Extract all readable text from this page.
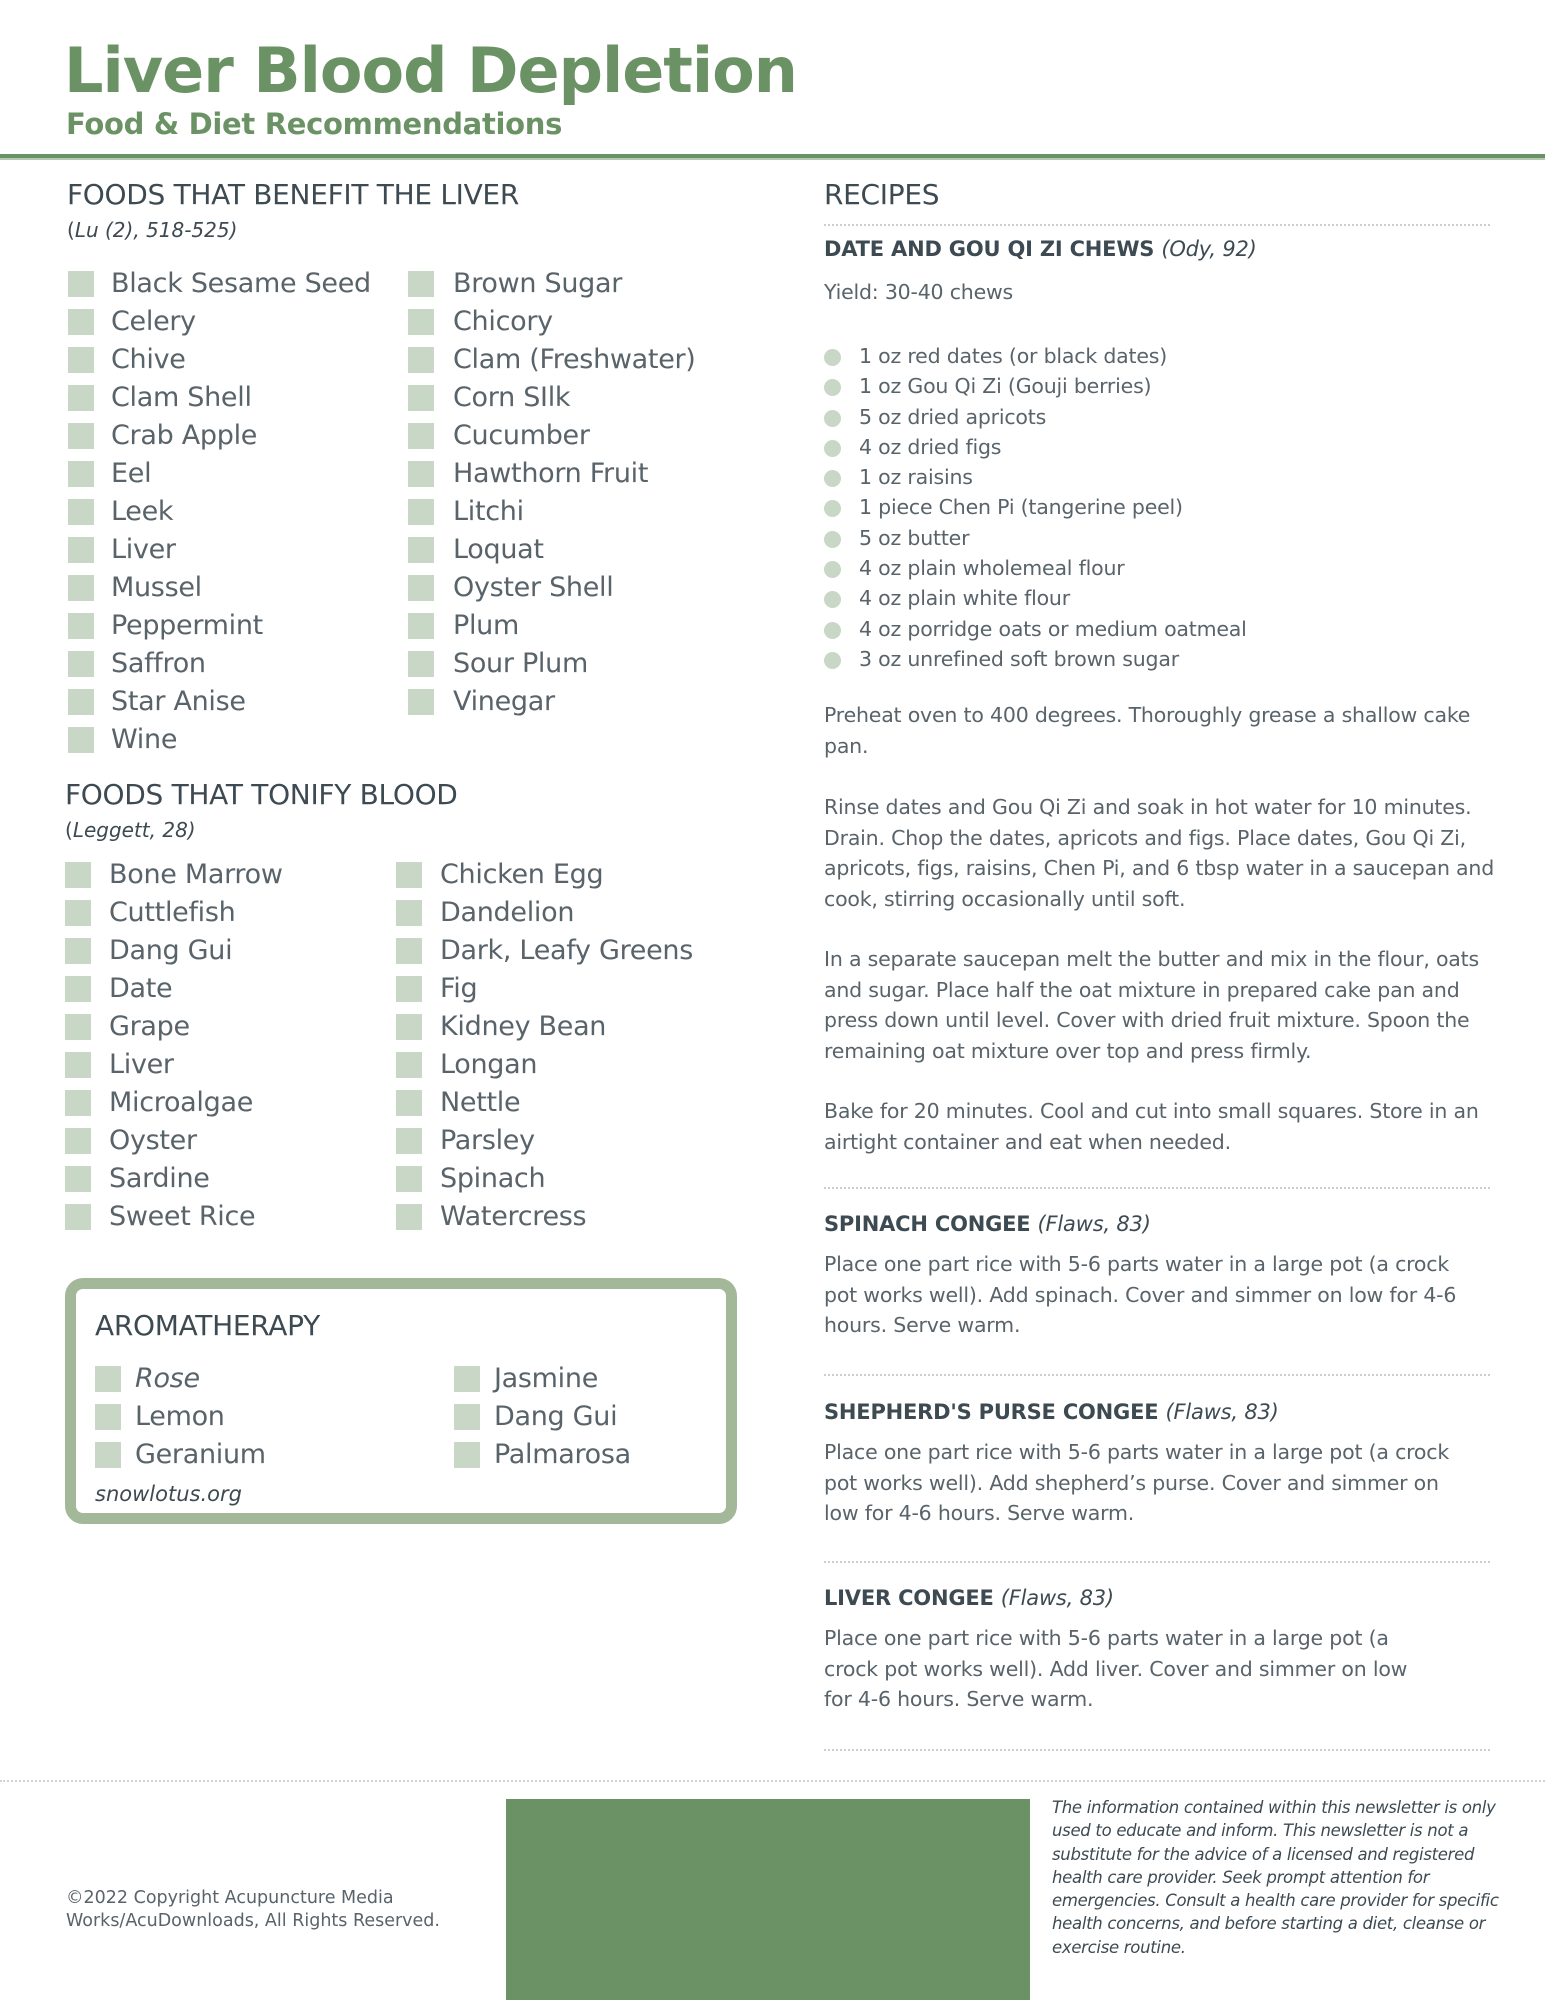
Liver Blood Depletion
Food & Diet Recommendations
FOODS THAT BENEFIT THE LIVER
(Lu (2), 518-525)
Black Sesame Seed
Celery
Chive
Clam Shell
Crab Apple
Eel
Leek
Liver
Mussel
Peppermint
Saffron
Star Anise
Wine
Brown Sugar
Chicory
Clam (Freshwater)
Corn SIlk
Cucumber
Hawthorn Fruit
Litchi
Loquat
Oyster Shell
Plum
Sour Plum
Vinegar
FOODS THAT TONIFY BLOOD
(Leggett, 28)
Bone Marrow
Cuttlefish
Dang Gui
Date
Grape
Liver
Microalgae
Oyster
Sardine
Sweet Rice
Chicken Egg
Dandelion
Dark, Leafy Greens
Fig
Kidney Bean
Longan
Nettle
Parsley
Spinach
Watercress
AROMATHERAPY
Rose
Lemon
Geranium
Jasmine
Dang Gui
Palmarosa
snowlotus.org
RECIPES
DATE AND GOU QI ZI CHEWS (Ody, 92)
Yield: 30-40 chews
1 oz red dates (or black dates)
1 oz Gou Qi Zi (Gouji berries)
5 oz dried apricots
4 oz dried figs
1 oz raisins
1 piece Chen Pi (tangerine peel)
5 oz butter
4 oz plain wholemeal flour
4 oz plain white flour
4 oz porridge oats or medium oatmeal
3 oz unrefined soft brown sugar

Preheat oven to 400 degrees. Thoroughly grease a shallow cake pan.

Rinse dates and Gou Qi Zi and soak in hot water for 10 minutes. Drain. Chop the dates, apricots and figs. Place dates, Gou Qi Zi, apricots, figs, raisins, Chen Pi, and 6 tbsp water in a saucepan and cook, stirring occasionally until soft.

In a separate saucepan melt the butter and mix in the flour, oats and sugar. Place half the oat mixture in prepared cake pan and press down until level. Cover with dried fruit mixture. Spoon the remaining oat mixture over top and press firmly.

Bake for 20 minutes. Cool and cut into small squares. Store in an airtight container and eat when needed.

SPINACH CONGEE (Flaws, 83)

Place one part rice with 5-6 parts water in a large pot (a crock pot works well). Add spinach. Cover and simmer on low for 4-6 hours. Serve warm.

SHEPHERD'S PURSE CONGEE (Flaws, 83)

Place one part rice with 5-6 parts water in a large pot (a crock pot works well). Add shepherd’s purse. Cover and simmer on low for 4-6 hours. Serve warm.

LIVER CONGEE (Flaws, 83)

Place one part rice with 5-6 parts water in a large pot (a crock pot works well). Add liver. Cover and simmer on low for 4-6 hours. Serve warm.

©2022 Copyright Acupuncture Media Works/AcuDownloads, All Rights Reserved.
The information contained within this newsletter is only used to educate and inform. This newsletter is not a substitute for the advice of a licensed and registered health care provider. Seek prompt attention for emergencies. Consult a health care provider for specific health concerns, and before starting a diet, cleanse or exercise routine.
